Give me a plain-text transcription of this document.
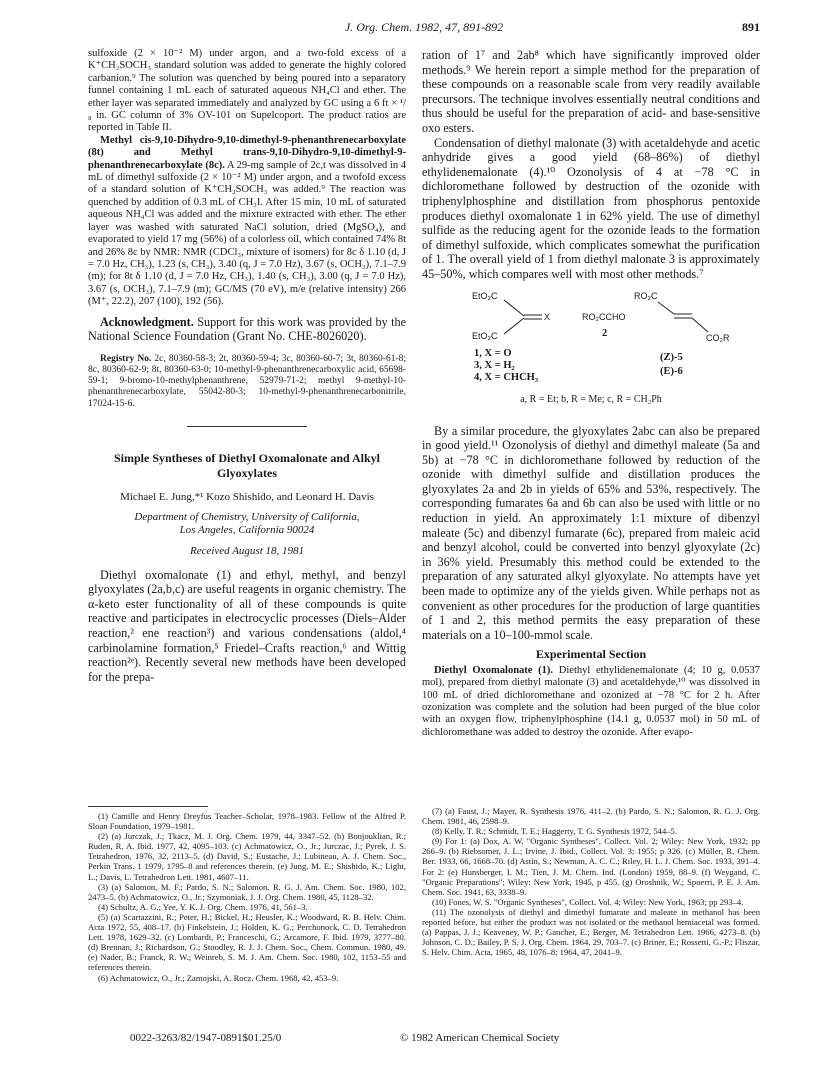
J. Org. Chem. 1982, 47, 891-892	891

sulfoxide (2 × 10⁻² M) under argon, and a two-fold excess of a K⁺CH₂SOCH₃ standard solution was added to generate the highly colored carbanion.⁹ The solution was quenched by being poured into a separatory funnel containing 1 mL each of saturated aqueous NH₄Cl and ether. The ether layer was separated immediately and analyzed by GC using a 6 ft × ¹/₈ in. GC column of 3% OV-101 on Supelcoport. The product ratios are reported in Table II.

Methyl cis-9,10-Dihydro-9,10-dimethyl-9-phenanthrenecarboxylate (8t) and Methyl trans-9,10-Dihydro-9,10-dimethyl-9-phenanthrenecarboxylate (8c). A 29-mg sample of 2c,t was dissolved in 4 mL of dimethyl sulfoxide (2 × 10⁻² M) under argon, and a twofold excess of a standard solution of K⁺CH₂SOCH₃ was added.⁹ The reaction was quenched by addition of 0.3 mL of CH₃I. After 15 min, 10 mL of saturated aqueous NH₄Cl was added and the mixture extracted with ether. The ether layer was washed with saturated NaCl solution, dried (MgSO₄), and evaporated to yield 17 mg (56%) of a colorless oil, which contained 74% 8t and 26% 8c by NMR: NMR (CDCl₃, mixture of isomers) for 8c δ 1.10 (d, J = 7.0 Hz, CH₃), 1.23 (s, CH₃), 3.40 (q, J = 7.0 Hz), 3.67 (s, OCH₃), 7.1–7.9 (m); for 8t δ 1.10 (d, J = 7.0 Hz, CH₃), 1.40 (s, CH₃), 3.00 (q, J = 7.0 Hz), 3.67 (s, OCH₃), 7.1–7.9 (m); GC/MS (70 eV), m/e (relative intensity) 266 (M⁺, 22.2), 207 (100), 192 (56).

Acknowledgment. Support for this work was provided by the National Science Foundation (Grant No. CHE-8026020).

Registry No. 2c, 80360-58-3; 2t, 80360-59-4; 3c, 80360-60-7; 3t, 80360-61-8; 8c, 80360-62-9; 8t, 80360-63-0; 10-methyl-9-phenanthrenecarboxylic acid, 65698-59-1; 9-bromo-10-methylphenanthrene, 52979-71-2; methyl 9-methyl-10-phenanthrenecarboxylate, 55042-80-3; 10-methyl-9-phenanthrenecarbonitrile, 17024-15-6.

Simple Syntheses of Diethyl Oxomalonate and Alkyl Glyoxylates
Michael E. Jung,*¹ Kozo Shishido, and Leonard H. Davis
Department of Chemistry, University of California,
Los Angeles, California 90024
Received August 18, 1981

Diethyl oxomalonate (1) and ethyl, methyl, and benzyl glyoxylates (2a,b,c) are useful reagents in organic chemistry. The α-keto ester functionality of all of these compounds is quite reactive and participates in electrocyclic processes (Diels–Alder reaction,² ene reaction³) and various condensations (aldol,⁴ carbinolamine formation,⁵ Friedel–Crafts reaction,⁶ and Wittig reaction²ᵉ). Recently several new methods have been developed for the prepa-

ration of 1⁷ and 2ab⁸ which have significantly improved older methods.⁹ We herein report a simple method for the preparation of these compounds on a reasonable scale from very readily available precursors. The technique involves essentially neutral conditions and thus should be useful for the preparation of acid- and base-sensitive oxo esters.

Condensation of diethyl malonate (3) with acetaldehyde and acetic anhydride gives a good yield (68–86%) of diethyl ethylidenemalonate (4).¹⁰ Ozonolysis of 4 at −78 °C in dichloromethane followed by destruction of the ozonide with triphenylphosphine and distillation from phosphorus pentoxide produces diethyl oxomalonate 1 in 62% yield. The use of dimethyl sulfide as the reducing agent for the ozonide leads to the formation of dimethyl sulfoxide, which complicates somewhat the purification of 1. The overall yield of 1 from diethyl malonate 3 is approximately 45–50%, which compares well with most other methods.⁷

EtO₂C
EtO₂C
X	RO₂CCHO
2
RO₂C
CO₂R
1, X = O
3, X = H₂
4, X = CHCH₃
(Z)-5
(E)-6
a, R = Et; b, R = Me; c, R = CH₂Ph

By a similar procedure, the glyoxylates 2abc can also be prepared in good yield.¹¹ Ozonolysis of diethyl and dimethyl maleate (5a and 5b) at −78 °C in dichloromethane followed by reduction of the ozonide with dimethyl sulfide and distillation produces the glyoxylates 2a and 2b in yields of 65% and 53%, respectively. The corresponding fumarates 6a and 6b can also be used with little or no reduction in yield. An approximately 1:1 mixture of dibenzyl maleate (5c) and dibenzyl fumarate (6c), prepared from maleic acid and benzyl alcohol, could be converted into benzyl glyoxylate (2c) in 36% yield. Presumably this method could be extended to the preparation of any saturated alkyl glyoxylate. No attempts have yet been made to optimize any of the yields given. While perhaps not as convenient as other procedures for the production of large quantities of 1 and 2, this method permits the easy preparation of these materials on a 10–100-mmol scale.

Experimental Section

Diethyl Oxomalonate (1). Diethyl ethylidenemalonate (4; 10 g, 0.0537 mol), prepared from diethyl malonate (3) and acetaldehyde,¹⁰ was dissolved in 100 mL of dried dichloromethane and ozonized at −78 °C for 2 h. After ozonization was complete and the solution had been purged of the blue color with an oxygen flow, triphenylphosphine (14.1 g, 0.0537 mol) in 50 mL of dichloromethane was added to destroy the ozonide. After evapo-

(1) Camille and Henry Dreyfus Teacher–Scholar, 1978–1983. Fellow of the Alfred P. Sloan Foundation, 1979–1981.

(2) (a) Jurczak, J.; Tkacz, M. J. Org. Chem. 1979, 44, 3347–52. (b) Bonjouklian, R.; Ruden, R. A. Ibid. 1977, 42, 4095–103. (c) Achmatowicz, O., Jr.; Jurczac, J.; Pyrek, J. S. Tetrahedron, 1976, 32, 2113–5. (d) David, S.; Eustache, J.; Lubineau, A. J. Chem. Soc., Perkin Trans. 1 1979, 1795–8 and references therein. (e) Jung, M. E.; Shishido, K.; Light, L.; Davis, L. Tetrahedron Lett. 1981, 4607–11.

(3) (a) Salomon, M. F.; Pardo, S. N.; Salomon, R. G. J. Am. Chem. Soc. 1980, 102, 2473–5. (b) Achmatowicz, O., Jr.; Szymoniak, J. J. Org. Chem. 1980, 45, 1128–32.

(4) Schultz, A. G.; Yee, Y. K. J. Org. Chem. 1976, 41, 561–3.

(5) (a) Scartazzini, R.; Peter, H.; Bickel, H.; Heusler, K.; Woodward, R. B. Helv. Chim. Acta 1972, 55, 408–17. (b) Finkelstein, J.; Holden, K. G.; Perchonock, C. D. Tetrahedron Lett. 1978, 1629–32. (c) Lombardi, P.; Franceschi, G.; Arcamore, F. Ibid. 1979, 3777–80. (d) Brennan, J.; Richardson, G.; Stoodley, R. J. J. Chem. Soc., Chem. Commun. 1980, 49. (e) Nader, B.; Franck, R. W.; Weinreb, S. M. J. Am. Chem. Soc. 1980, 102, 1153–55 and references therein.

(6) Achmatowicz, O., Jr.; Zamojski, A. Rocz. Chem. 1968, 42, 453–9.

(7) (a) Faust, J.; Mayer, R. Synthesis 1976, 411–2. (b) Pardo, S. N.; Salomon, R. G. J. Org. Chem. 1981, 46, 2598–9.

(8) Kelly, T. R.; Schmidt, T. E.; Haggerty, T. G. Synthesis 1972, 544–5.

(9) For 1: (a) Dox, A. W. "Organic Syntheses", Collect. Vol. 2; Wiley: New York, 1932; pp 266–9. (b) Riebsomer, J. L.; Irvine, J. Ibid., Collect. Vol. 3; 1955; p 326. (c) Müller, R. Chem. Ber. 1933, 66, 1668–70. (d) Astin, S.; Newman, A. C. C.; Riley, H. L. J. Chem. Soc. 1933, 391–4. For 2: (e) Hunsberger, I. M.; Tien, J. M. Chem. Ind. (London) 1959, 88–9. (f) Weygand, C. "Organic Preparations"; Wiley: New York, 1945, p 455. (g) Oroshnik, W.; Spoerri, P. E. J. Am. Chem. Soc. 1941, 63, 3338–9.

(10) Fones, W. S. "Organic Syntheses", Collect. Vol. 4; Wiley: New York, 1963; pp 293–4.

(11) The ozonolysis of diethyl and dimethyl fumarate and maleate in methanol has been reported before, but either the product was not isolated or the methanol hemiacetal was formed. (a) Pappas, J. J.; Keaveney, W. P.; Gancher, E.; Berger, M. Tetrahedron Lett. 1966, 4273–8. (b) Johnson, C. D.; Bailey, P. S. J. Org. Chem. 1964, 29, 703–7. (c) Briner, E.; Rossetti, G.-P.; Fliszar, S. Helv. Chim. Acta, 1965, 48, 1076–8; 1964, 47, 2041–9.

0022-3263/82/1947-0891$01.25/0	© 1982 American Chemical Society
